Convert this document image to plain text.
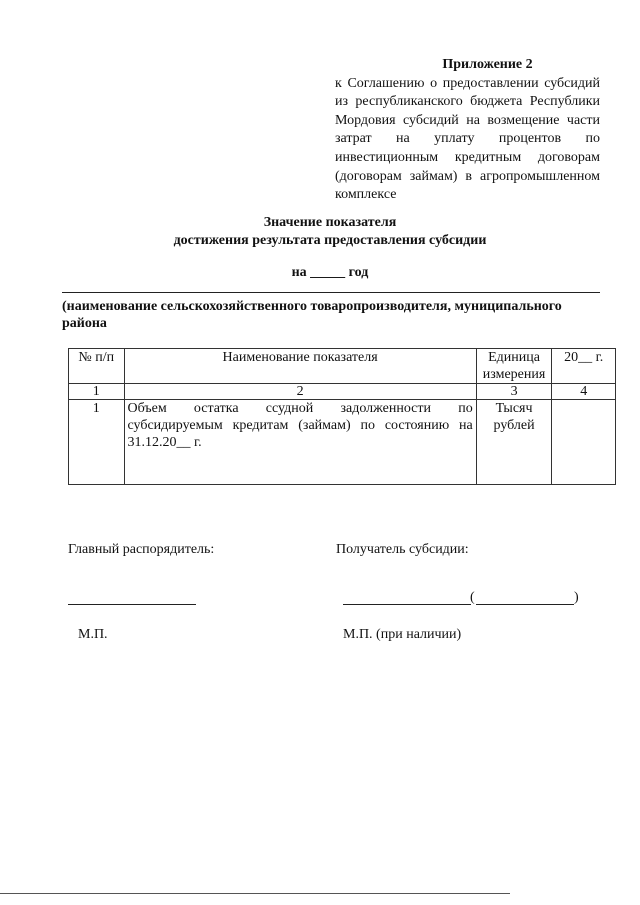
Приложение 2
к Соглашению о предоставлении субсидий из республиканского бюджета Республики Мордовия субсидий на возмещение части затрат на уплату процентов по инвестиционным кредитным договорам (договорам займам) в агропромышленном комплексе
Значение показателя
достижения результата предоставления субсидии
на _____ год
(наименование сельскохозяйственного товаропроизводителя, муниципального района
№ п/п	Наименование показателя	Единица измерения	20__ г.
1	2	3	4
1	Объем остатка ссудной задолженности по субсидируемым кредитам (займам) по состоянию на 31.12.20__ г.	Тысяч рублей	
Главный распорядитель:	Получатель субсидии:
(	)
М.П.	М.П. (при наличии)
